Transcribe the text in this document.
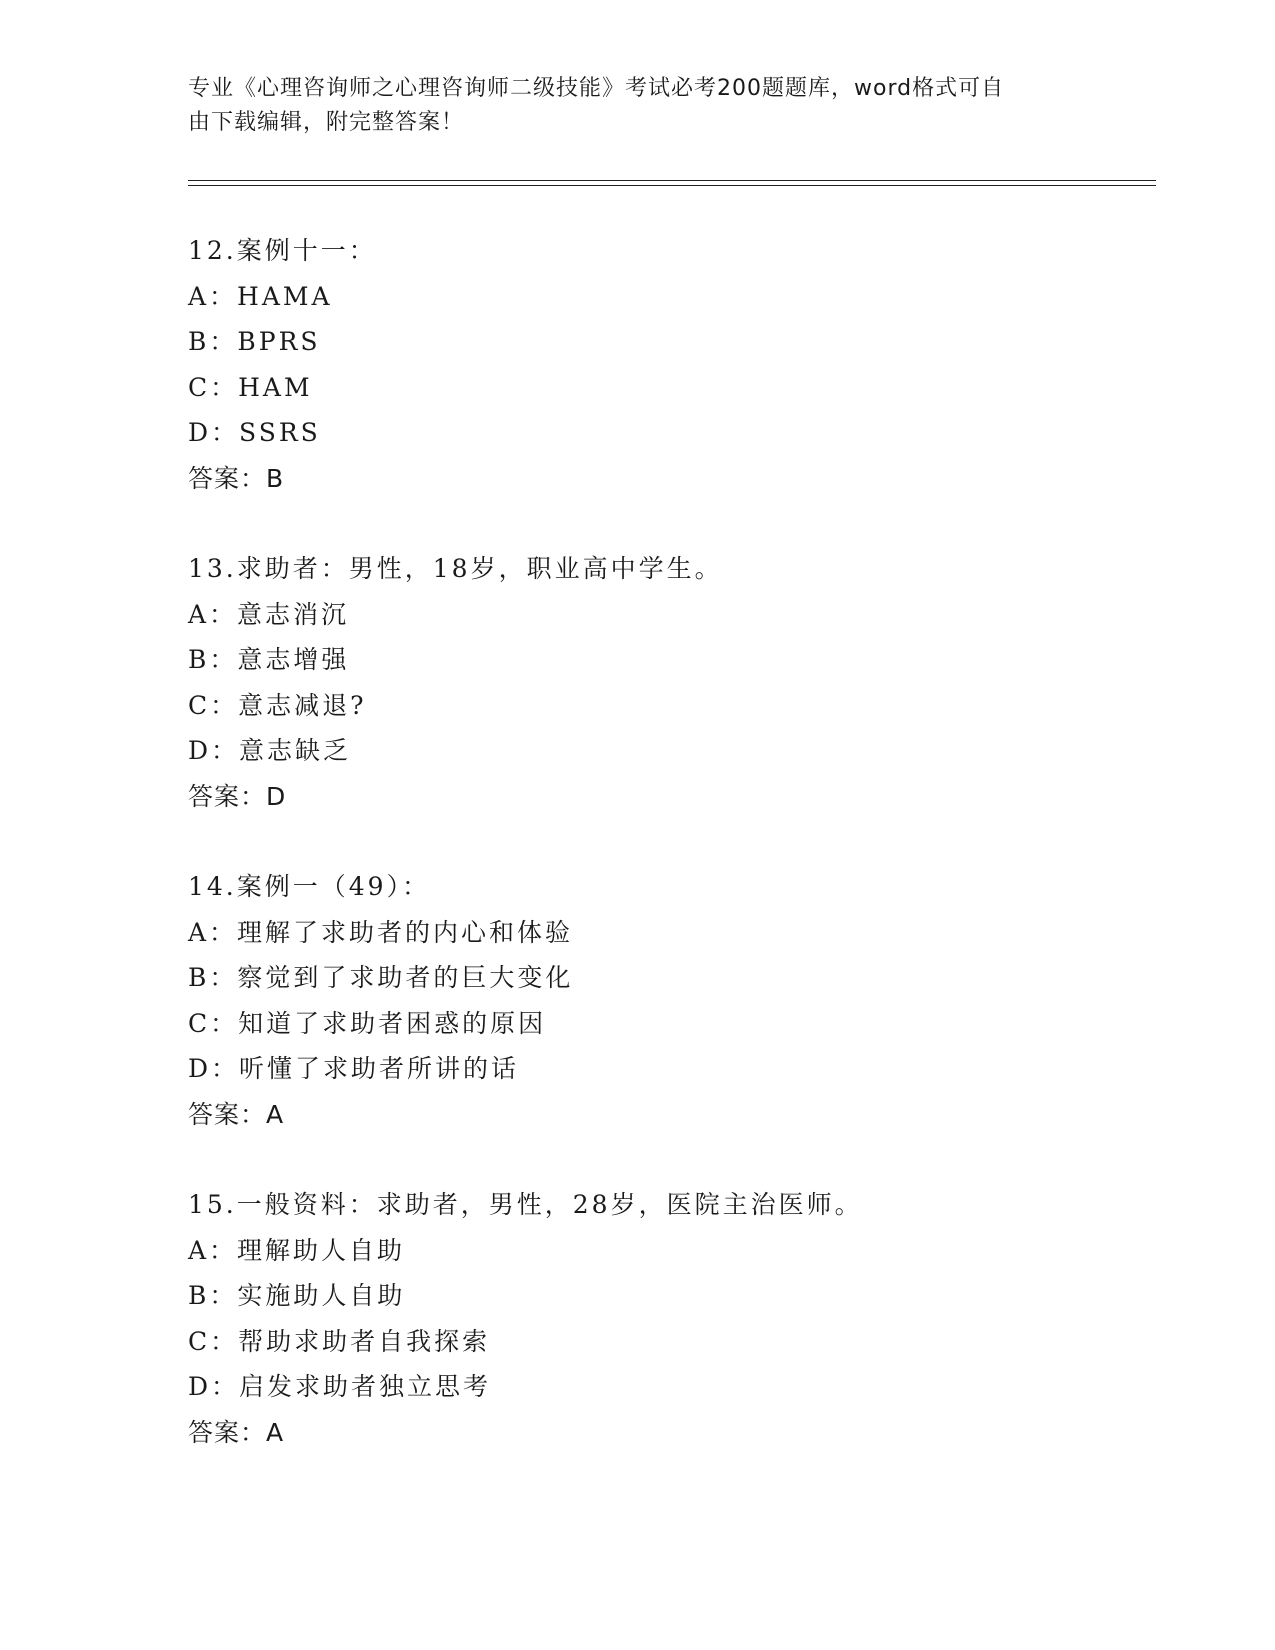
专业《心理咨询师之心理咨询师二级技能》考试必考200题题库，word格式可自
由下载编辑，附完整答案！
12.案例十一：
A：HAMA
B：BPRS
C：HAM
D：SSRS
答案：B
13.求助者：男性，18岁，职业高中学生。
A：意志消沉
B：意志增强
C：意志减退?
D：意志缺乏
答案：D
14.案例一（49）：
A：理解了求助者的内心和体验
B：察觉到了求助者的巨大变化
C：知道了求助者困惑的原因
D：听懂了求助者所讲的话
答案：A
15.一般资料：求助者，男性，28岁，医院主治医师。
A：理解助人自助
B：实施助人自助
C：帮助求助者自我探索
D：启发求助者独立思考
答案：A
